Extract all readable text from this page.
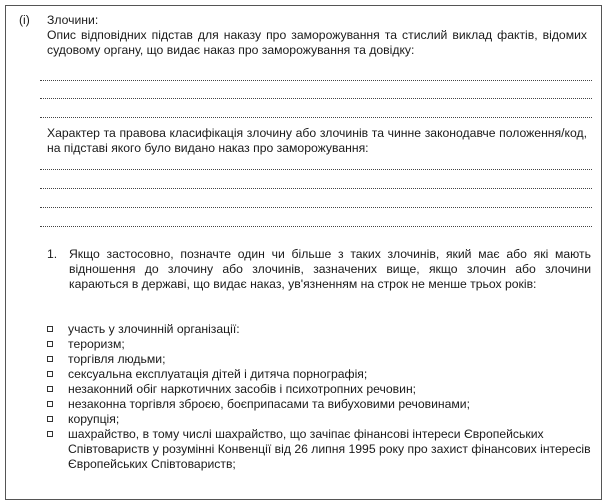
(i) Злочини:
Опис відповідних підстав для наказу про заморожування та стислий виклад фактів, відомих судовому органу, що видає наказ про заморожування та довідку:
Характер та правова класифікація злочину або злочинів та чинне законодавче положення/код, на підставі якого було видано наказ про заморожування:
1. Якщо застосовно, позначте один чи більше з таких злочинів, який має або які мають відношення до злочину або злочинів, зазначених вище, якщо злочин або злочини караються в державі, що видає наказ, ув'язненням на строк не менше трьох років:
участь у злочинній організації:
тероризм;
торгівля людьми;
сексуальна експлуатація дітей і дитяча порнографія;
незаконний обіг наркотичних засобів і психотропних речовин;
незаконна торгівля зброєю, боєприпасами та вибуховими речовинами;
корупція;
шахрайство, в тому числі шахрайство, що зачіпає фінансові інтереси Європейських Співтовариств у розумінні Конвенції від 26 липня 1995 року про захист фінансових інтересів Європейських Співтовариств;
